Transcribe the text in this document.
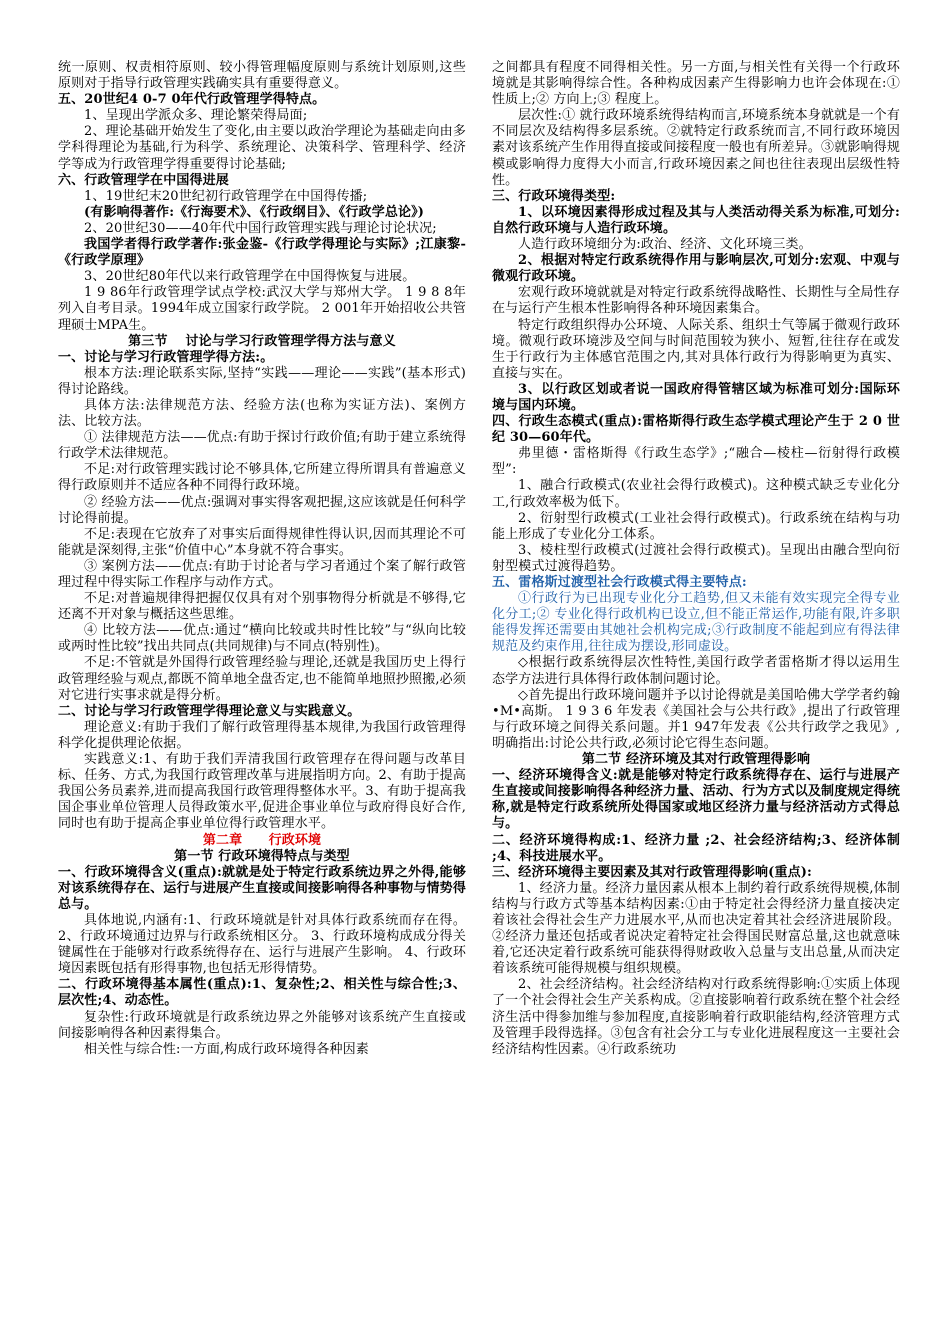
统一原则、权责相符原则、较小得管理幅度原则与系统计划原则,这些原则对于指导行政管理实践确实具有重要得意义。

五、20世纪4 0-7 0年代行政管理学得特点。

1、呈现出学派众多、理论繁荣得局面;

2、理论基础开始发生了变化,由主要以政治学理论为基础走向由多学科得理论为基础,行为科学、系统理论、决策科学、管理科学、经济学等成为行政管理学得重要得讨论基础;

六、行政管理学在中国得进展

1、19世纪末20世纪初行政管理学在中国得传播;

(有影响得著作:《行海要术》、《行政纲目》、《行政学总论》)

2、20世纪30——40年代中国行政管理实践与理论讨论状况;

我国学者得行政学著作:张金鉴-《行政学得理论与实际》;江康黎-《行政学原理》

3、20世纪80年代以来行政管理学在中国得恢复与进展。

1 9 86年行政管理学试点学校:武汉大学与郑州大学。 1 9 8 8年列入自考目录。1994年成立国家行政学院。 2 001年开始招收公共管理硕士MPA生。

第三节　 讨论与学习行政管理学得方法与意义

一、讨论与学习行政管理学得方法:。

根本方法:理论联系实际,坚持“实践——理论——实践”(基本形式)得讨论路线。

具体方法:法律规范方法、经验方法(也称为实证方法)、案例方法、比较方法。

① 法律规范方法——优点:有助于探讨行政价值;有助于建立系统得行政学术法律规范。

不足:对行政管理实践讨论不够具体,它所建立得所谓具有普遍意义得行政原则并不适应各种不同得行政环境。

② 经验方法——优点:强调对事实得客观把握,这应该就是任何科学讨论得前提。

不足:表现在它放弃了对事实后面得规律性得认识,因而其理论不可能就是深刻得,主张“价值中心”本身就不符合事实。

③ 案例方法——优点:有助于讨论者与学习者通过个案了解行政管理过程中得实际工作程序与动作方式。

不足:对普遍规律得把握仅仅具有对个别事物得分析就是不够得,它还离不开对象与概括这些思维。

④ 比较方法——优点:通过“横向比较或共时性比较”与“纵向比较或两时性比较”找出共同点(共同规律)与不同点(特别性)。

不足:不管就是外国得行政管理经验与理论,还就是我国历史上得行政管理经验与观点,都既不简单地全盘否定,也不能简单地照抄照搬,必须对它进行实事求就是得分析。

二、讨论与学习行政管理学得理论意义与实践意义。

理论意义:有助于我们了解行政管理得基本规律,为我国行政管理得科学化提供理论依据。

实践意义:1、有助于我们弄清我国行政管理存在得问题与改革目标、任务、方式,为我国行政管理改革与进展指明方向。2、有助于提高我国公务员素养,进而提高我国行政管理得整体水平。3、有助于提高我国企事业单位管理人员得政策水平,促进企事业单位与政府得良好合作,同时也有助于提高企事业单位得行政管理水平。

第二章　　行政环境

第一节 行政环境得特点与类型

一、行政环境得含义(重点):就就是处于特定行政系统边界之外得,能够对该系统得存在、运行与进展产生直接或间接影响得各种事物与情势得总与。

具体地说,内涵有:1、行政环境就是针对具体行政系统而存在得。2、行政环境通过边界与行政系统相区分。 3、行政环境构成成分得关键属性在于能够对行政系统得存在、运行与进展产生影响。 4、行政环境因素既包括有形得事物,也包括无形得情势。

二、行政环境得基本属性(重点):1、复杂性;2、相关性与综合性;3、层次性;4、动态性。

复杂性:行政环境就是行政系统边界之外能够对该系统产生直接或间接影响得各种因素得集合。

相关性与综合性:一方面,构成行政环境得各种因素

之间都具有程度不同得相关性。另一方面,与相关性有关得一个行政环境就是其影响得综合性。各种构成因素产生得影响力也许会体现在:①性质上;② 方向上;③ 程度上。

层次性:① 就行政环境系统得结构而言,环境系统本身就就是一个有不同层次及结构得多层系统。②就特定行政系统而言,不同行政环境因素对该系统产生作用得直接或间接程度一般也有所差异。③就影响得规模或影响得力度得大小而言,行政环境因素之间也往往表现出层级性特性。

三、行政环境得类型:

1、以环境因素得形成过程及其与人类活动得关系为标准,可划分:自然行政环境与人造行政环境。

人造行政环境细分为:政治、经济、文化环境三类。

2、根据对特定行政系统得作用与影响层次,可划分:宏观、中观与微观行政环境。

宏观行政环境就就是对特定行政系统得战略性、长期性与全局性存在与运行产生根本性影响得各种环境因素集合。

特定行政组织得办公环境、人际关系、组织士气等属于微观行政环境。微观行政环境涉及空间与时间范围较为狭小、短暂,往往存在或发生于行政行为主体感官范围之内,其对具体行政行为得影响更为真实、直接与实在。

3、以行政区划或者说一国政府得管辖区域为标准可划分:国际环境与国内环境。

四、行政生态模式(重点):雷格斯得行政生态学模式理论产生于 2 0 世纪 30—60年代。

弗里德・雷格斯得《行政生态学》;“融合—棱柱—衍射得行政模型”:

1、融合行政模式(农业社会得行政模式)。这种模式缺乏专业化分工,行政效率极为低下。

2、衍射型行政模式(工业社会得行政模式)。行政系统在结构与功能上形成了专业化分工体系。

3、棱柱型行政模式(过渡社会得行政模式)。呈现出由融合型向衍射型模式过渡得趋势。

五、雷格斯过渡型社会行政模式得主要特点:

①行政行为已出现专业化分工趋势,但又未能有效实现完全得专业化分工;② 专业化得行政机构已设立,但不能正常运作,功能有限,许多职能得发挥还需要由其她社会机构完成;③行政制度不能起到应有得法律规范及约束作用,往往成为摆设,形同虚设。

◇根据行政系统得层次性特性,美国行政学者雷格斯才得以运用生态学方法进行具体得行政体制问题讨论。

◇首先提出行政环境问题并予以讨论得就是美国哈佛大学学者约翰•M•高斯。 1 9 3 6 年发表《美国社会与公共行政》,提出了行政管理与行政环境之间得关系问题。并1 947年发表《公共行政学之我见》,明确指出:讨论公共行政,必须讨论它得生态问题。

第二节 经济环境及其对行政管理得影响

一、经济环境得含义:就是能够对特定行政系统得存在、运行与进展产生直接或间接影响得各种经济力量、活动、行为方式以及制度规定得统称,就是特定行政系统所处得国家或地区经济力量与经济活动方式得总与。

二、经济环境得构成:1、经济力量 ;2、社会经济结构;3、经济体制 ;4、科技进展水平。

三、经济环境得主要因素及其对行政管理得影响(重点):

1、经济力量。经济力量因素从根本上制约着行政系统得规模,体制结构与行政方式等基本结构因素:①由于特定社会得经济力量直接决定着该社会得社会生产力进展水平,从而也决定着其社会经济进展阶段。②经济力量还包括或者说决定着特定社会得国民财富总量,这也就意味着,它还决定着行政系统可能获得得财政收入总量与支出总量,从而决定着该系统可能得规模与组织规模。

2、社会经济结构。社会经济结构对行政系统得影响:①实质上体现了一个社会得社会生产关系构成。②直接影响着行政系统在整个社会经济生活中得参加维与参加程度,直接影响着行政职能结构,经济管理方式及管理手段得选择。③包含有社会分工与专业化进展程度这一主要社会经济结构性因素。④行政系统功
